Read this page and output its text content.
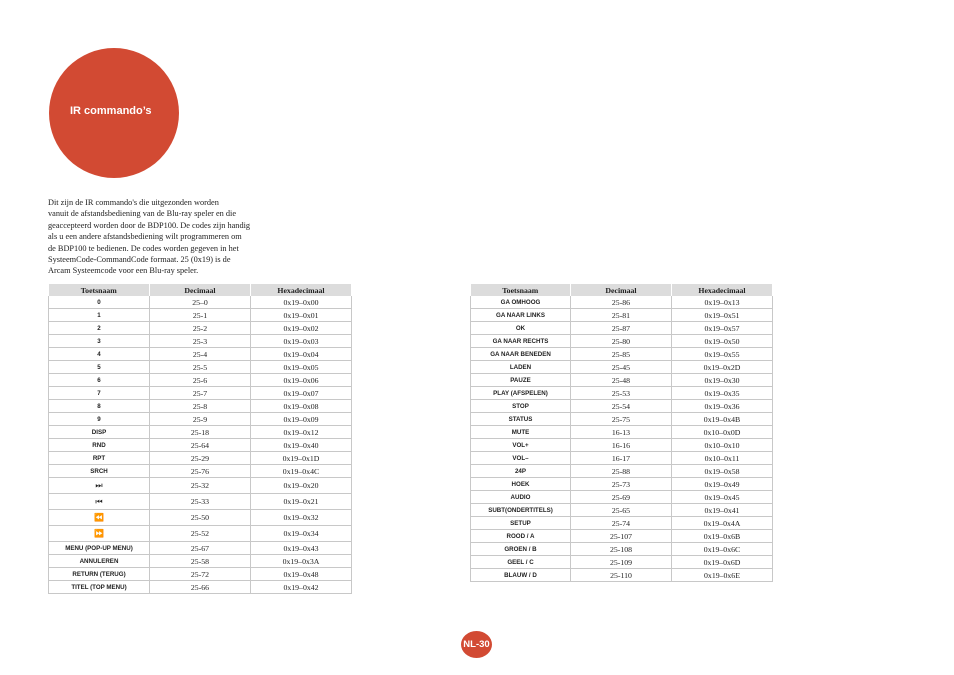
IR commando’s

Dit zijn de IR commando's die uitgezonden worden

vanuit de afstandsbediening van de Blu-ray speler en die

geaccepteerd worden door de BDP100. De codes zijn handig

als u een andere afstandsbediening wilt programmeren om

de BDP100 te bedienen. De codes worden gegeven in het

SysteemCode-CommandCode formaat. 25 (0x19) is de

Arcam Systeemcode voor een Blu-ray speler.

Toetsnaam	Decimaal	Hexadecimaal
0	25–0	0x19–0x00
1	25-1	0x19–0x01
2	25-2	0x19–0x02
3	25-3	0x19–0x03
4	25-4	0x19–0x04
5	25-5	0x19–0x05
6	25-6	0x19–0x06
7	25-7	0x19–0x07
8	25-8	0x19–0x08
9	25-9	0x19–0x09
DISP	25-18	0x19–0x12
RND	25-64	0x19–0x40
RPT	25-29	0x19–0x1D
SRCH	25-76	0x19–0x4C
⏭	25-32	0x19–0x20
⏮	25-33	0x19–0x21
⏪	25-50	0x19–0x32
⏩	25-52	0x19–0x34
MENU (POP-UP MENU)	25-67	0x19–0x43
ANNULEREN	25-58	0x19–0x3A
RETURN (TERUG)	25-72	0x19–0x48
TITEL (TOP MENU)	25-66	0x19–0x42
Toetsnaam	Decimaal	Hexadecimaal
GA OMHOOG	25-86	0x19–0x13
GA NAAR LINKS	25-81	0x19–0x51
OK	25-87	0x19–0x57
GA NAAR RECHTS	25-80	0x19–0x50
GA NAAR BENEDEN	25-85	0x19–0x55
LADEN	25-45	0x19–0x2D
PAUZE	25-48	0x19–0x30
PLAY (AFSPELEN)	25-53	0x19–0x35
STOP	25-54	0x19–0x36
STATUS	25-75	0x19–0x4B
MUTE	16-13	0x10–0x0D
VOL+	16-16	0x10–0x10
VOL–	16-17	0x10–0x11
24P	25-88	0x19–0x58
HOEK	25-73	0x19–0x49
AUDIO	25-69	0x19–0x45
SUBT(ONDERTITELS)	25-65	0x19–0x41
SETUP	25-74	0x19–0x4A
ROOD / A	25-107	0x19–0x6B
GROEN / B	25-108	0x19–0x6C
GEEL / C	25-109	0x19–0x6D
BLAUW / D	25-110	0x19–0x6E
NL-30
